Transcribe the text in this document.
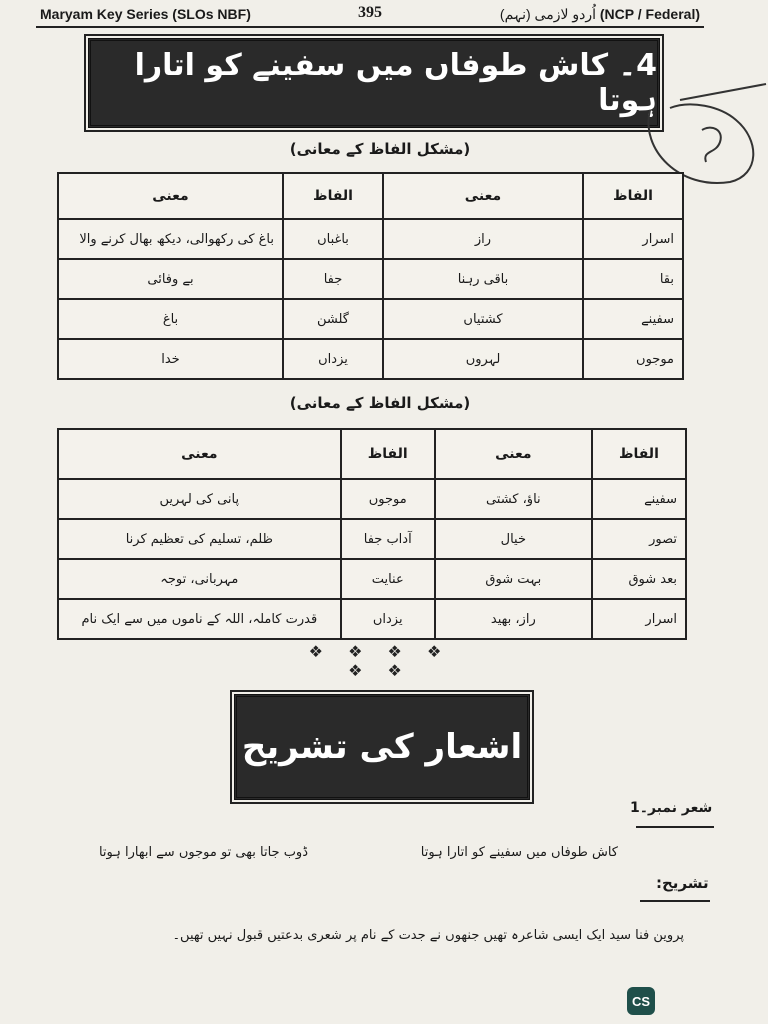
Maryam Key Series (SLOs NBF)	395	اُردو لازمی (نہم) (NCP / Federal)
4۔ کاش طوفاں میں سفینے کو اتارا ہوتا
(مشکل الفاظ کے معانی)
الفاظ	معنی	الفاظ	معنی
اسرار	راز	باغباں	باغ کی رکھوالی، دیکھ بھال کرنے والا
بقا	باقی رہنا	جفا	بے وفائی
سفینے	کشتیاں	گلشن	باغ
موجوں	لہروں	یزداں	خدا
(مشکل الفاظ کے معانی)
الفاظ	معنی	الفاظ	معنی
سفینے	ناؤ، کشتی	موجوں	پانی کی لہریں
تصور	خیال	آداب جفا	ظلم، تسلیم کی تعظیم کرنا
بعد شوق	بہت شوق	عنایت	مہربانی، توجہ
اسرار	راز، بھید	یزداں	قدرت کاملہ، اللہ کے ناموں میں سے ایک نام
❖ ❖ ❖ ❖ ❖ ❖
اشعار کی تشریح
شعر نمبر۔1
کاش طوفاں میں سفینے کو اتارا ہوتا
ڈوب جاتا بھی تو موجوں سے ابھارا ہوتا
تشریح:
پروین فنا سید ایک ایسی شاعرہ تھیں جنھوں نے جدت کے نام پر شعری بدعتیں قبول نہیں تھیں۔
CS
